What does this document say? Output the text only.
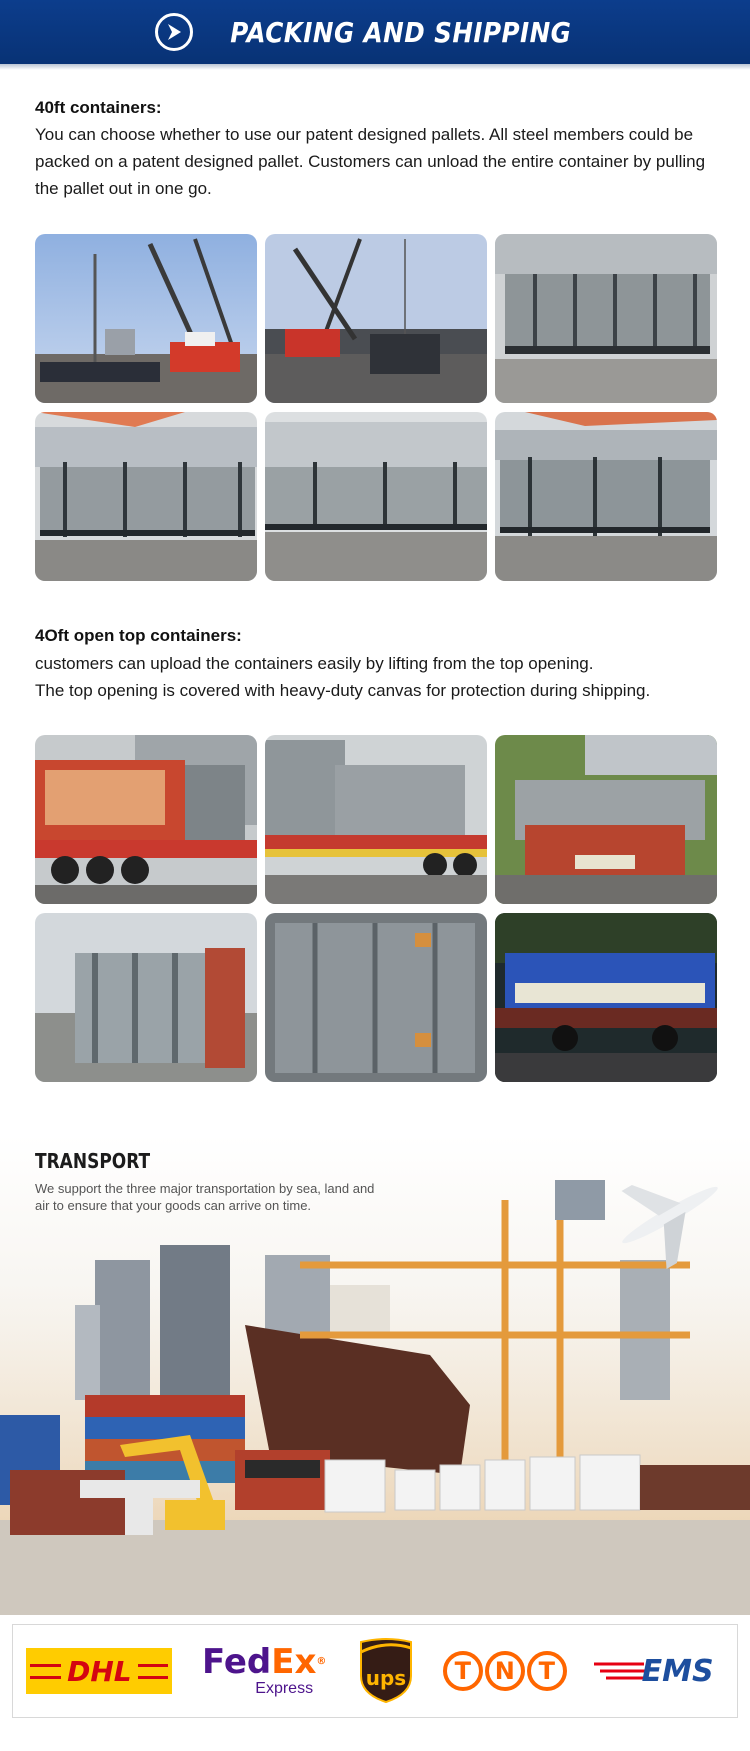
PACKING AND SHIPPING
40ft containers:
You can choose whether to use our patent designed pallets. All steel members could be packed on a patent designed pallet. Customers can unload the entire container by pulling the pallet out in one go.
4Oft open top containers:
customers can upload the containers easily by lifting from the top opening.
The top opening is covered with heavy-duty canvas for protection during shipping.
TRANSPORT
We support the three major transportation by sea, land and air to ensure that your goods can arrive on time.
DHL FedEx®
Express	ups	T N T	EMS
